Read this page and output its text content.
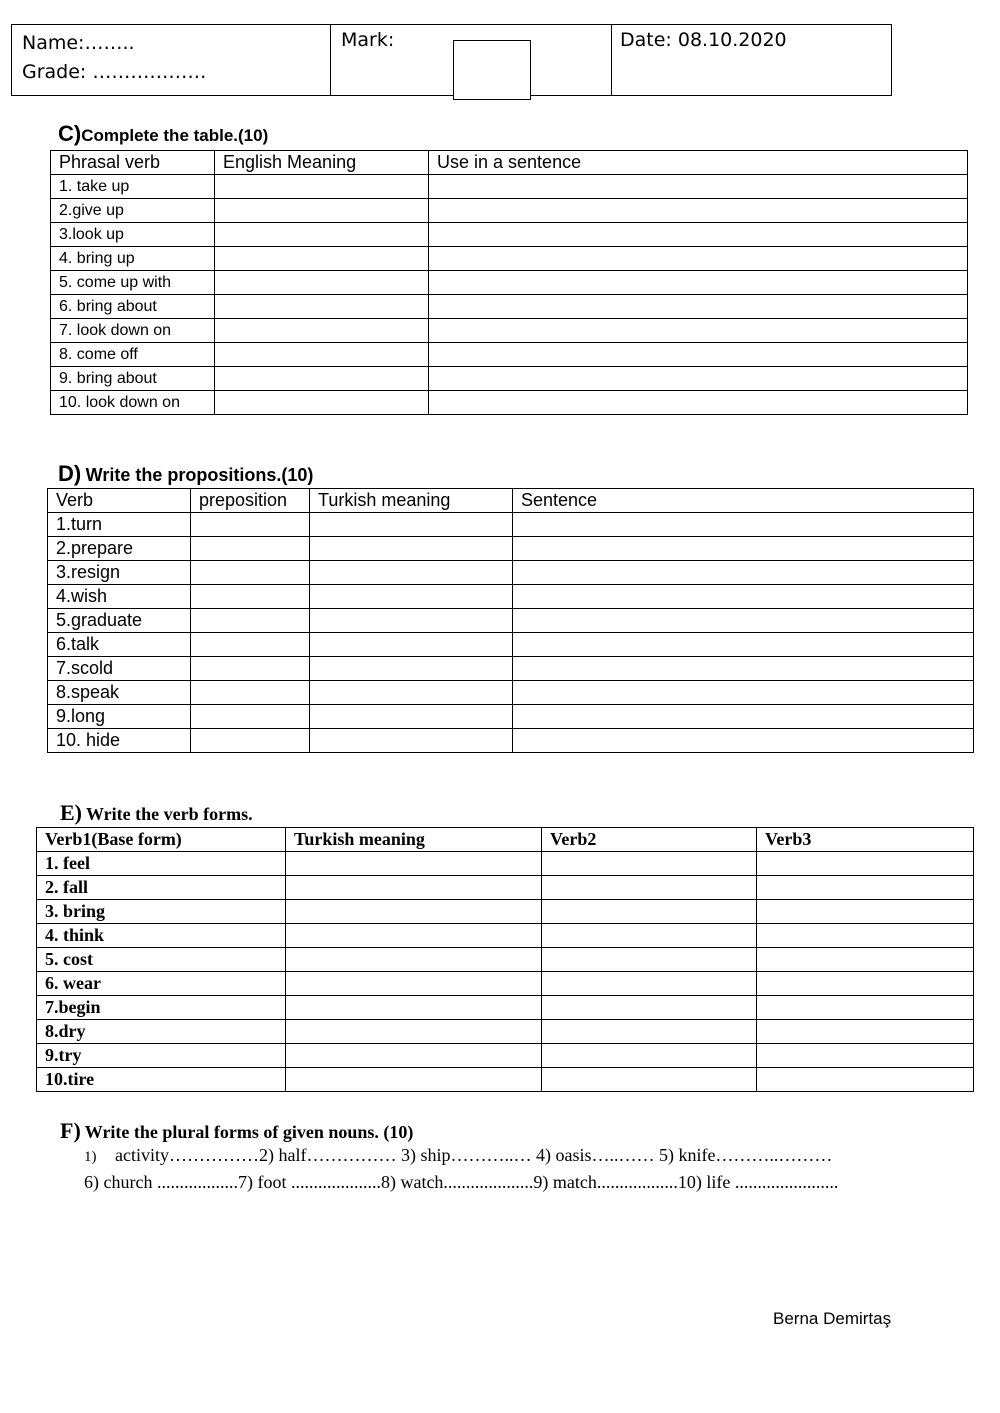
Name:……..
Grade: ………………
Mark:	Date: 08.10.2020
C)Complete the table.(10)
Phrasal verb	English Meaning	Use in a sentence
1. take up		
2.give up		
3.look up		
4. bring up		
5. come up with		
6. bring about		
7. look down on		
8. come off		
9. bring about		
10. look down on		
D) Write the propositions.(10)
Verb	preposition	Turkish meaning	Sentence
1.turn			
2.prepare			
3.resign			
4.wish			
5.graduate			
6.talk			
7.scold			
8.speak			
9.long			
10. hide			
E) Write the verb forms.
Verb1(Base form)	Turkish meaning	Verb2	Verb3
1. feel			
2. fall			
3. bring			
4. think			
5. cost			
6. wear			
7.begin			
8.dry			
9.try			
10.tire			
F) Write the plural forms of given nouns. (10)
1) activity……………2) half…………… 3) ship………..… 4) oasis…..…… 5) knife………..………
6) church ..................7) foot ....................8) watch....................9) match..................10) life .......................
Berna Demirtaş
